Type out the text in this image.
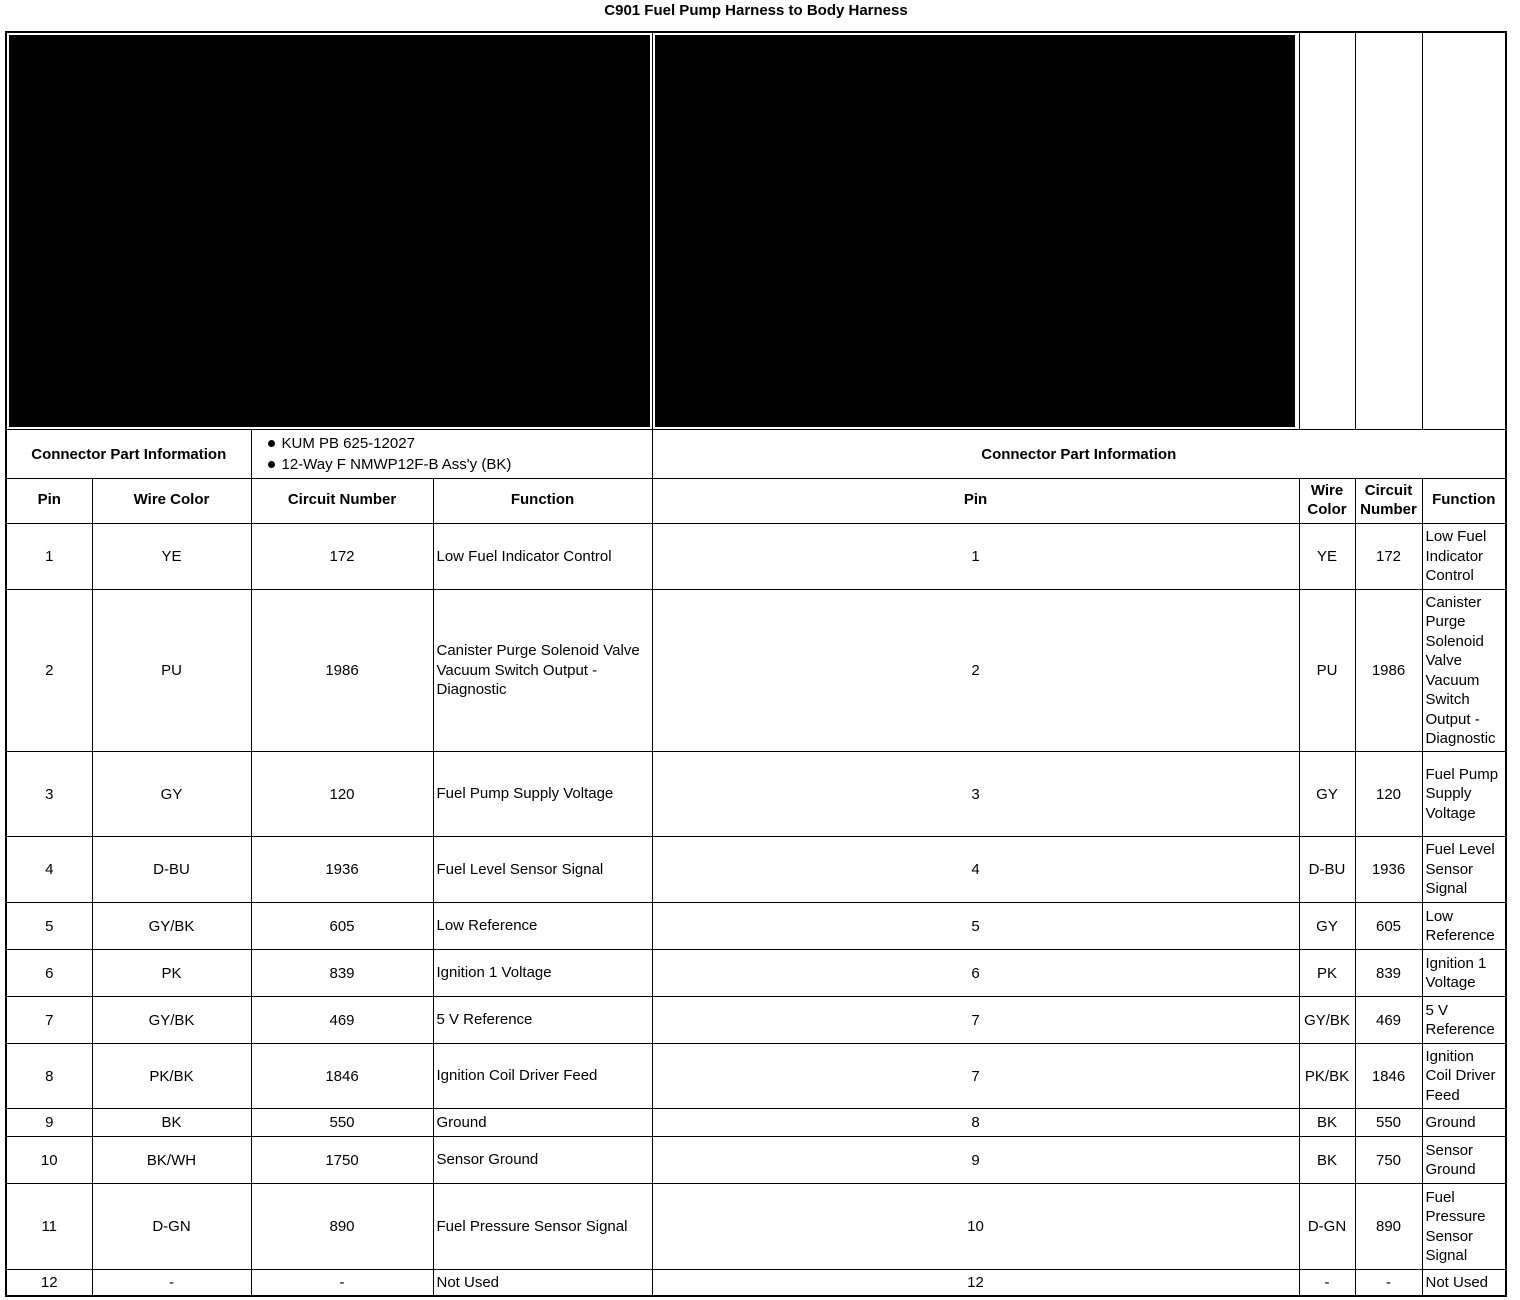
C901 Fuel Pump Harness to Body Harness

Connector Part Information		KUM PB 625-12027
12-Way F NMWP12F-B Ass'y (BK)		Connector Part Information			
Pin	Wire Color	Circuit Number	Function	Pin	Wire
Color	Circuit
Number	Function
1	YE	172	Low Fuel Indicator Control	1	YE	172	Low Fuel Indicator Control
2	PU	1986	Canister Purge Solenoid Valve Vacuum Switch Output - Diagnostic	2	PU	1986	Canister Purge Solenoid Valve Vacuum Switch Output - Diagnostic
3	GY	120	Fuel Pump Supply Voltage	3	GY	120	Fuel Pump Supply Voltage
4	D-BU	1936	Fuel Level Sensor Signal	4	D-BU	1936	Fuel Level Sensor Signal
5	GY/BK	605	Low Reference	5	GY	605	Low Reference
6	PK	839	Ignition 1 Voltage	6	PK	839	Ignition 1 Voltage
7	GY/BK	469	5 V Reference	7	GY/BK	469	5 V Reference
8	PK/BK	1846	Ignition Coil Driver Feed	7	PK/BK	1846	Ignition Coil Driver Feed
9	BK	550	Ground	8	BK	550	Ground
10	BK/WH	1750	Sensor Ground	9	BK	750	Sensor Ground
11	D-GN	890	Fuel Pressure Sensor Signal	10	D-GN	890	Fuel Pressure Sensor Signal
12	-	-	Not Used	12	-	-	Not Used
